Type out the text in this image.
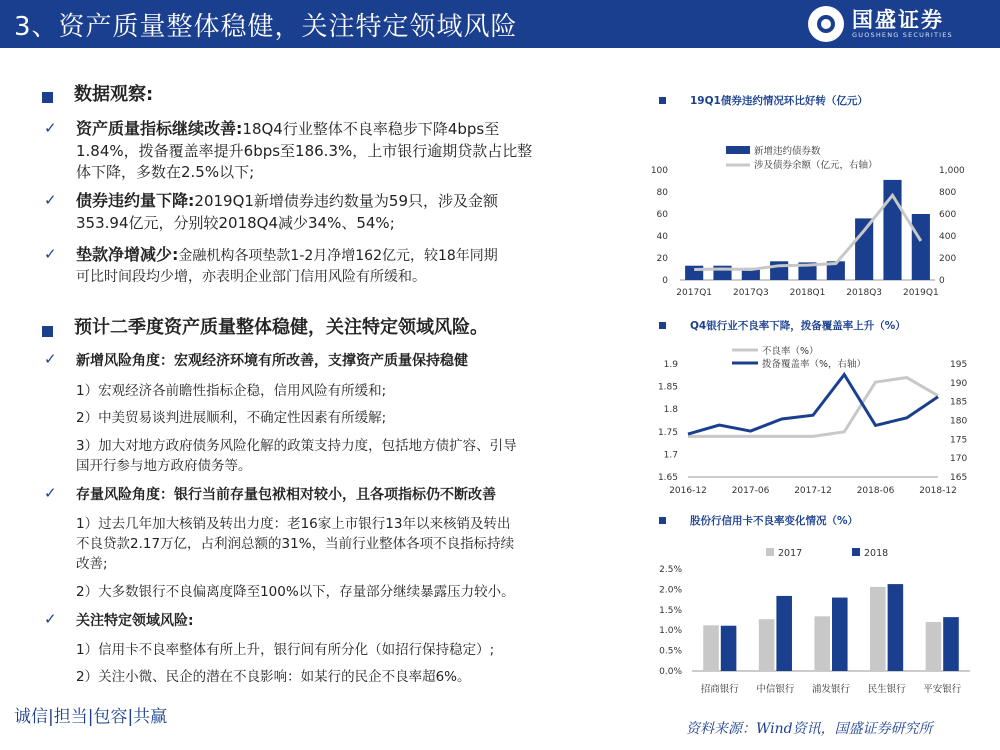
3、资产质量整体稳健，关注特定领域风险	国盛证券
GUOSHENG SECURITIES
数据观察:
✓ 资产质量指标继续改善:18Q4行业整体不良率稳步下降4bps至
1.84%，拨备覆盖率提升6bps至186.3%，上市银行逾期贷款占比整
体下降，多数在2.5%以下;
✓ 债券违约量下降:2019Q1新增债券违约数量为59只，涉及金额
353.94亿元，分别较2018Q4减少34%、54%;
✓ 垫款净增减少:金融机构各项垫款1-2月净增162亿元，较18年同期
可比时间段均少增，亦表明企业部门信用风险有所缓和。
预计二季度资产质量整体稳健，关注特定领域风险。
✓ 新增风险角度：宏观经济环境有所改善，支撑资产质量保持稳健
1）宏观经济各前瞻性指标企稳，信用风险有所缓和;
2）中美贸易谈判进展顺利，不确定性因素有所缓解;
3）加大对地方政府债务风险化解的政策支持力度，包括地方债扩容、引导
国开行参与地方政府债务等。
✓ 存量风险角度：银行当前存量包袱相对较小，且各项指标仍不断改善
1）过去几年加大核销及转出力度：老16家上市银行13年以来核销及转出
不良贷款2.17万亿，占利润总额的31%，当前行业整体各项不良指标持续
改善;
2）大多数银行不良偏离度降至100%以下，存量部分继续暴露压力较小。
✓ 关注特定领域风险:
1）信用卡不良率整体有所上升，银行间有所分化（如招行保持稳定）;
2）关注小微、民企的潜在不良影响：如某行的民企不良率超6%。
19Q1债券违约情况环比好转（亿元）
新增违约债券数
涉及债券余额（亿元，右轴）
0
20
40
60
80
100
0
200
400
600
800
1,000
2017Q1 2017Q3 2018Q1 2018Q3 2019Q1
Q4银行业不良率下降，拨备覆盖率上升（%）
不良率（%）
拨备覆盖率（%，右轴）
1.65
1.7
1.75
1.8
1.85
1.9
165
170
175
180
185
190
195
2016-12	2017-06	2017-12	2018-06	2018-12
股份行信用卡不良率变化情况（%）
2017	2018
0.0%
0.5%
1.0%
1.5%
2.0%
2.5%
招商银行 中信银行 浦发银行 民生银行 平安银行
诚信|担当|包容|共赢
资料来源：Wind资讯，国盛证券研究所
